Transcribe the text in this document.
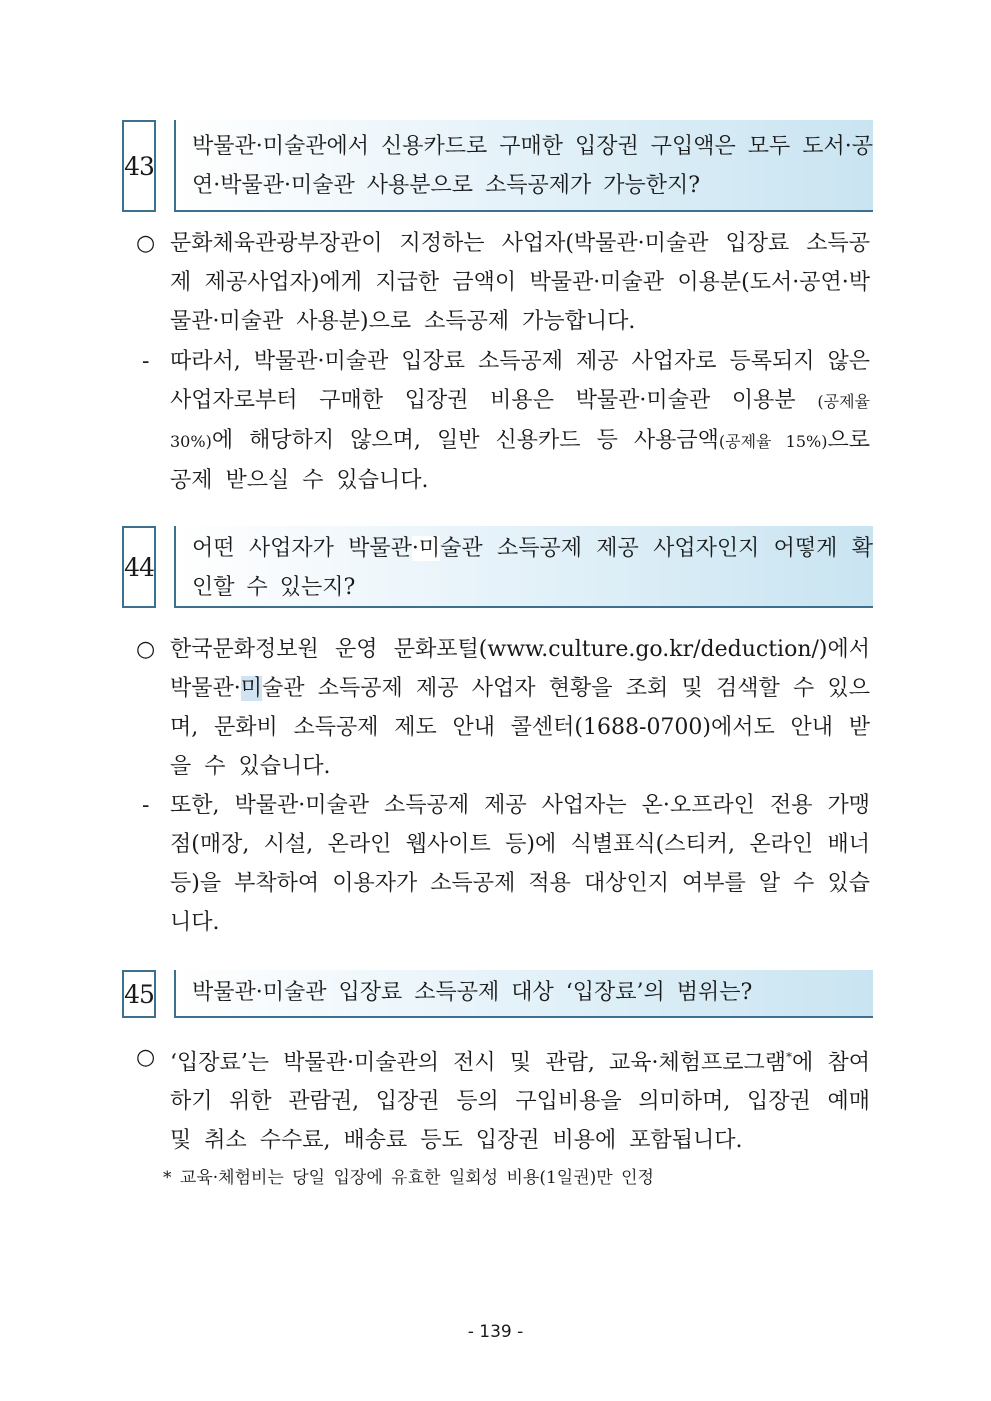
43
박물관·미술관에서 신용카드로 구매한 입장권 구입액은 모두 도서·공연·박물관·미술관 사용분으로 소득공제가 가능한지?
○ 문화체육관광부장관이 지정하는 사업자(박물관·미술관 입장료 소득공제 제공사업자)에게 지급한 금액이 박물관·미술관 이용분(도서·공연·박물관·미술관 사용분)으로 소득공제 가능합니다.
- 따라서, 박물관·미술관 입장료 소득공제 제공 사업자로 등록되지 않은 사업자로부터 구매한 입장권 비용은 박물관·미술관 이용분 (공제율 30%)에 해당하지 않으며, 일반 신용카드 등 사용금액(공제율 15%)으로 공제 받으실 수 있습니다.
44
어떤 사업자가 박물관·미술관 소득공제 제공 사업자인지 어떻게 확인할 수 있는지?
○ 한국문화정보원 운영 문화포털(www.culture.go.kr/deduction/)에서 박물관·미술관 소득공제 제공 사업자 현황을 조회 및 검색할 수 있으며, 문화비 소득공제 제도 안내 콜센터(1688-0700)에서도 안내 받을 수 있습니다.
- 또한, 박물관·미술관 소득공제 제공 사업자는 온·오프라인 전용 가맹점(매장, 시설, 온라인 웹사이트 등)에 식별표식(스티커, 온라인 배너 등)을 부착하여 이용자가 소득공제 적용 대상인지 여부를 알 수 있습니다.
45	박물관·미술관 입장료 소득공제 대상 ‘입장료’의 범위는?
○ ‘입장료’는 박물관·미술관의 전시 및 관람, 교육·체험프로그램*에 참여하기 위한 관람권, 입장권 등의 구입비용을 의미하며, 입장권 예매 및 취소 수수료, 배송료 등도 입장권 비용에 포함됩니다.
* 교육·체험비는 당일 입장에 유효한 일회성 비용(1일권)만 인정
- 139 -
